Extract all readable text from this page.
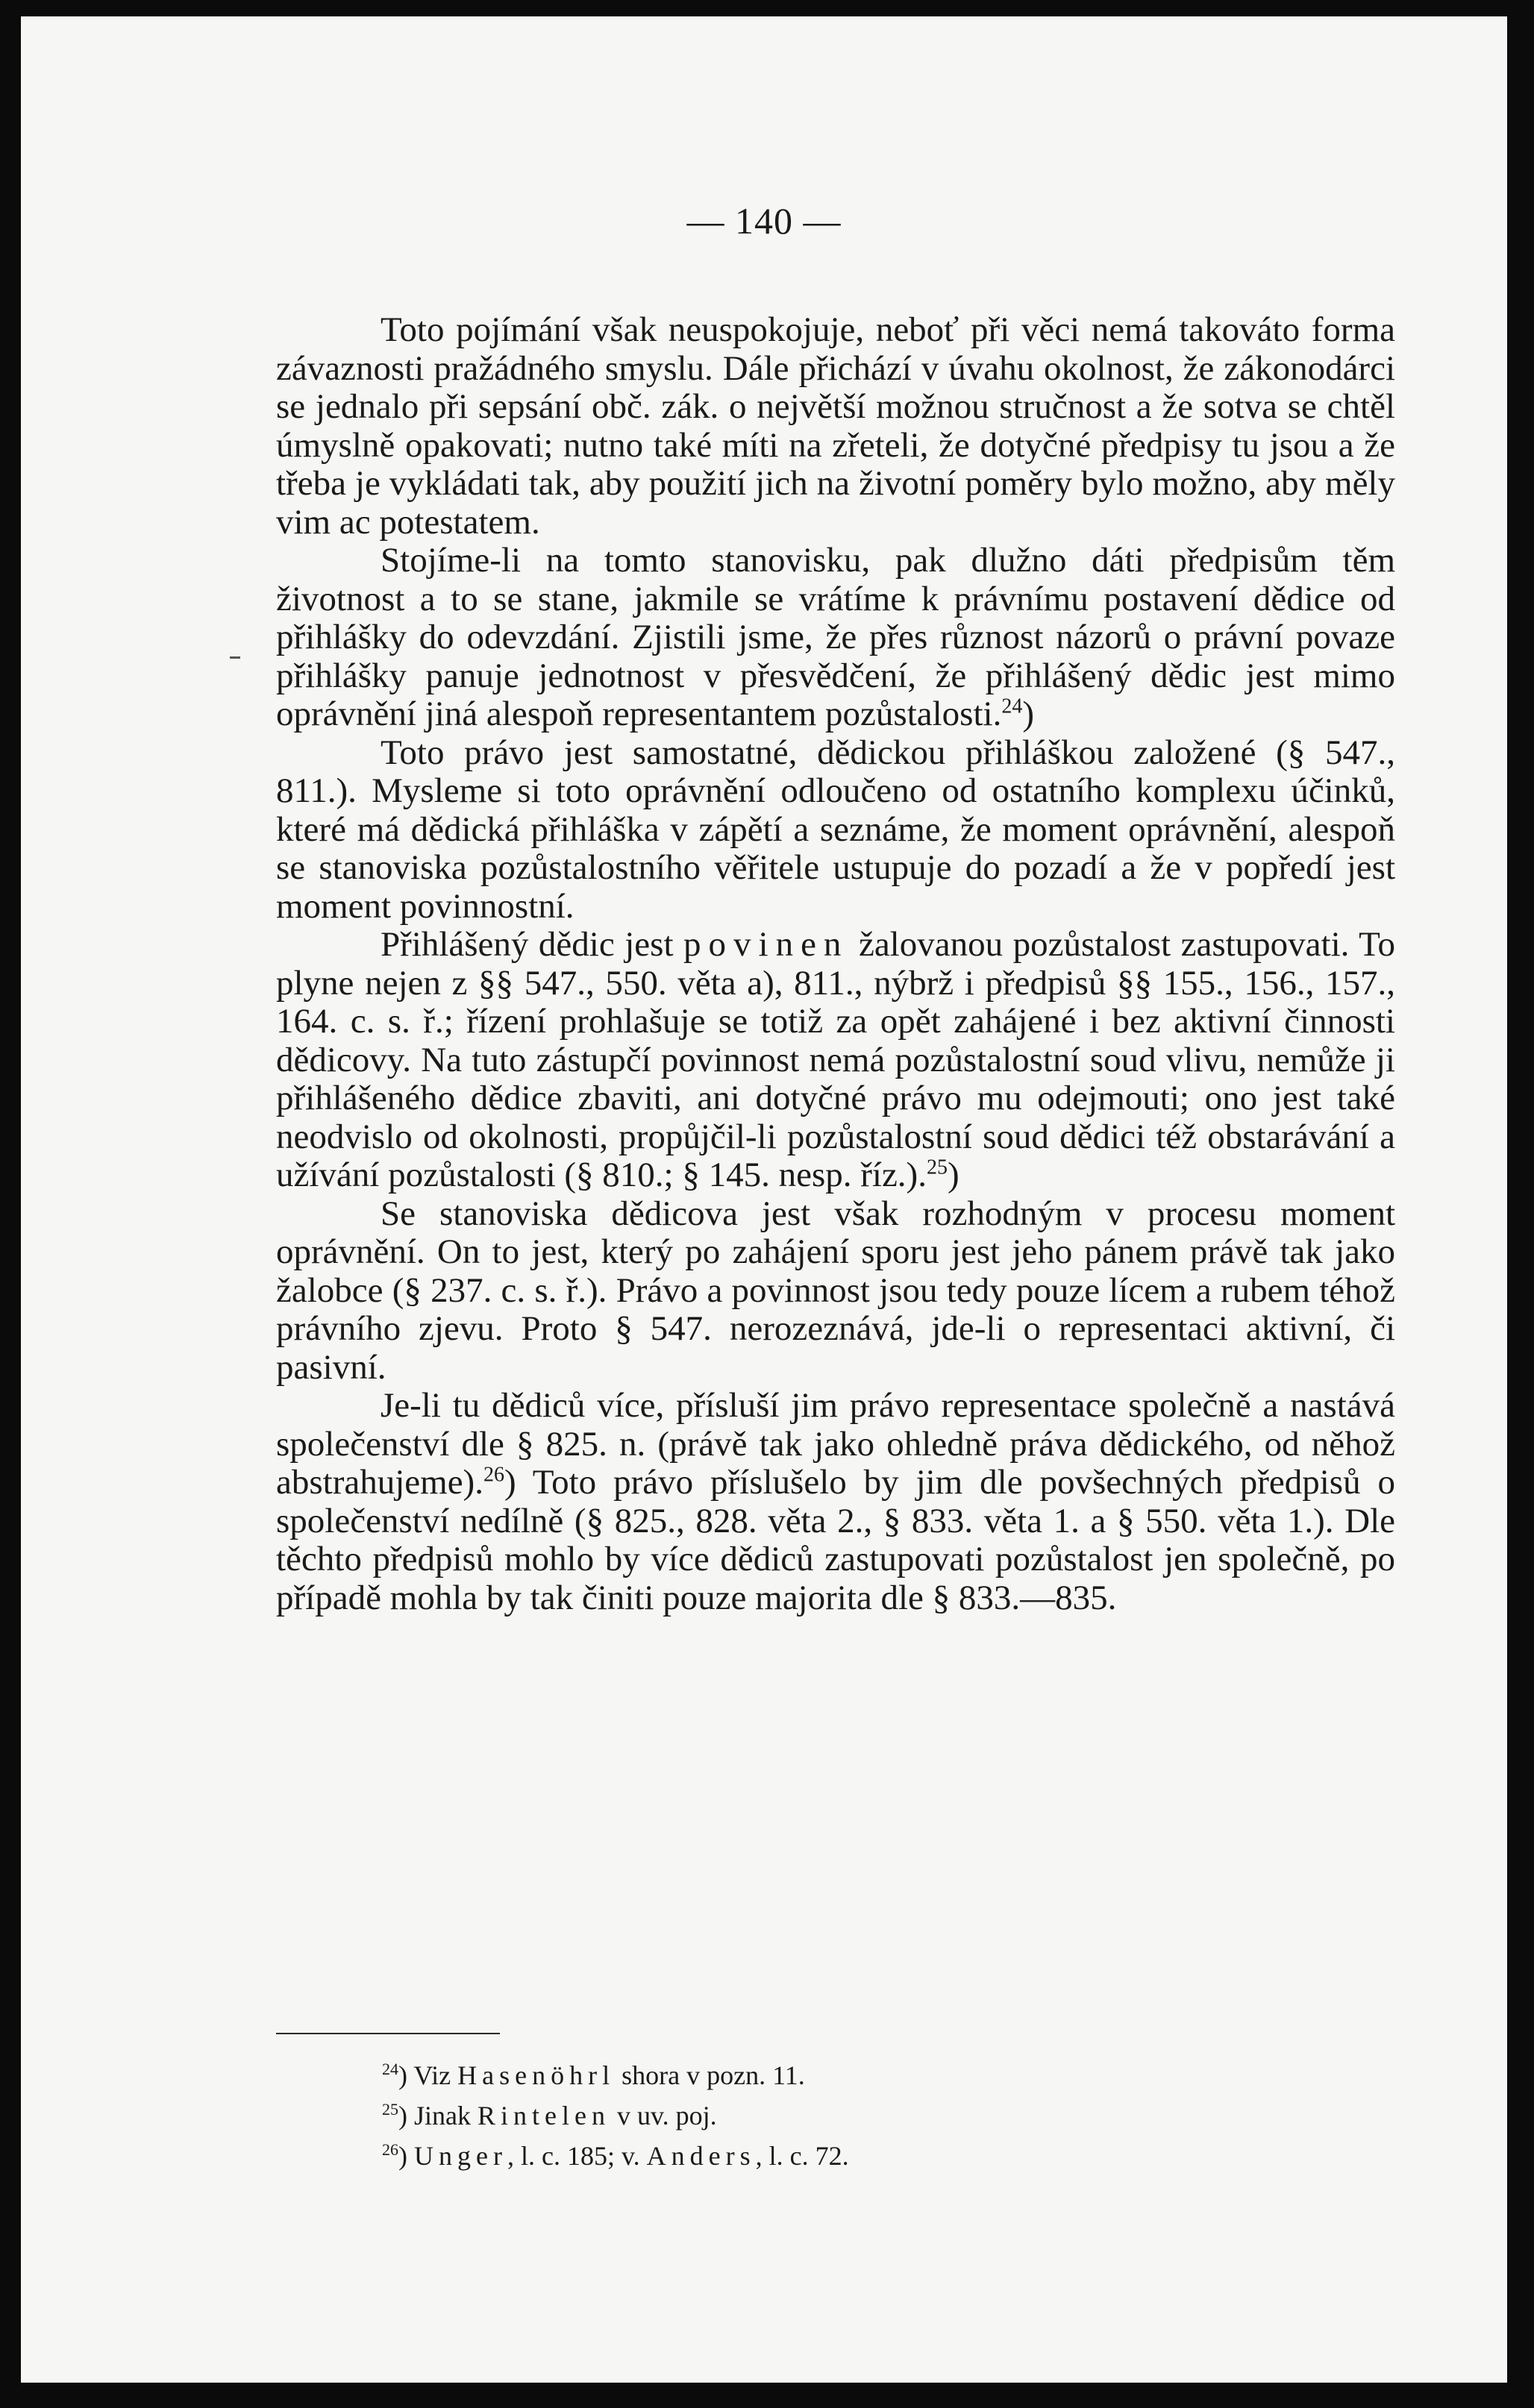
— 140 —

Toto pojímání však neuspokojuje, neboť při věci nemá takováto forma závaznosti pražádného smyslu. Dále přichází v úvahu okolnost, že zákonodárci se jednalo při sepsání obč. zák. o největší možnou stručnost a že sotva se chtěl úmyslně opakovati; nutno také míti na zřeteli, že dotyčné předpisy tu jsou a že třeba je vykládati tak, aby použití jich na životní poměry bylo možno, aby měly vim ac potestatem.

Stojíme-li na tomto stanovisku, pak dlužno dáti předpisům těm životnost a to se stane, jakmile se vrátíme k právnímu postavení dědice od přihlášky do odevzdání. Zjistili jsme, že přes různost názorů o právní povaze přihlášky panuje jednotnost v přesvědčení, že přihlášený dědic jest mimo oprávnění jiná alespoň representantem pozůstalosti.$^{24}$)

Toto právo jest samostatné, dědickou přihláškou založené (§ 547., 811.). Mysleme si toto oprávnění odloučeno od ostatního komplexu účinků, které má dědická přihláška v zápětí a seznáme, že moment oprávnění, alespoň se stanoviska pozůstalostního věřitele ustupuje do pozadí a že v popředí jest moment povinnostní.

Přihlášený dědic jest povinen žalovanou pozůstalost zastupovati. To plyne nejen z §§ 547., 550. věta a), 811., nýbrž i předpisů §§ 155., 156., 157., 164. c. s. ř.; řízení prohlašuje se totiž za opět zahájené i bez aktivní činnosti dědicovy. Na tuto zástupčí povinnost nemá pozůstalostní soud vlivu, nemůže ji přihlášeného dědice zbaviti, ani dotyčné právo mu odejmouti; ono jest také neodvislo od okolnosti, propůjčil-li pozůstalostní soud dědici též obstarávání a užívání pozůstalosti (§ 810.; § 145. nesp. říz.).$^{25}$)

Se stanoviska dědicova jest však rozhodným v procesu moment oprávnění. On to jest, který po zahájení sporu jest jeho pánem právě tak jako žalobce (§ 237. c. s. ř.). Právo a povinnost jsou tedy pouze lícem a rubem téhož právního zjevu. Proto § 547. nerozeznává, jde-li o representaci aktivní, či pasivní.

Je-li tu dědiců více, přísluší jim právo representace společně a nastává společenství dle § 825. n. (právě tak jako ohledně práva dědického, od něhož abstrahujeme).$^{26}$) Toto právo příslušelo by jim dle povšechných předpisů o společenství nedílně (§ 825., 828. věta 2., § 833. věta 1. a § 550. věta 1.). Dle těchto předpisů mohlo by více dědiců zastupovati pozůstalost jen společně, po případě mohla by tak činiti pouze majorita dle § 833.—835.

$^{24}$) Viz Hasenöhrl shora v pozn. 11.

$^{25}$) Jinak Rintelen v uv. poj.

$^{26}$) Unger, l. c. 185; v. Anders, l. c. 72.
